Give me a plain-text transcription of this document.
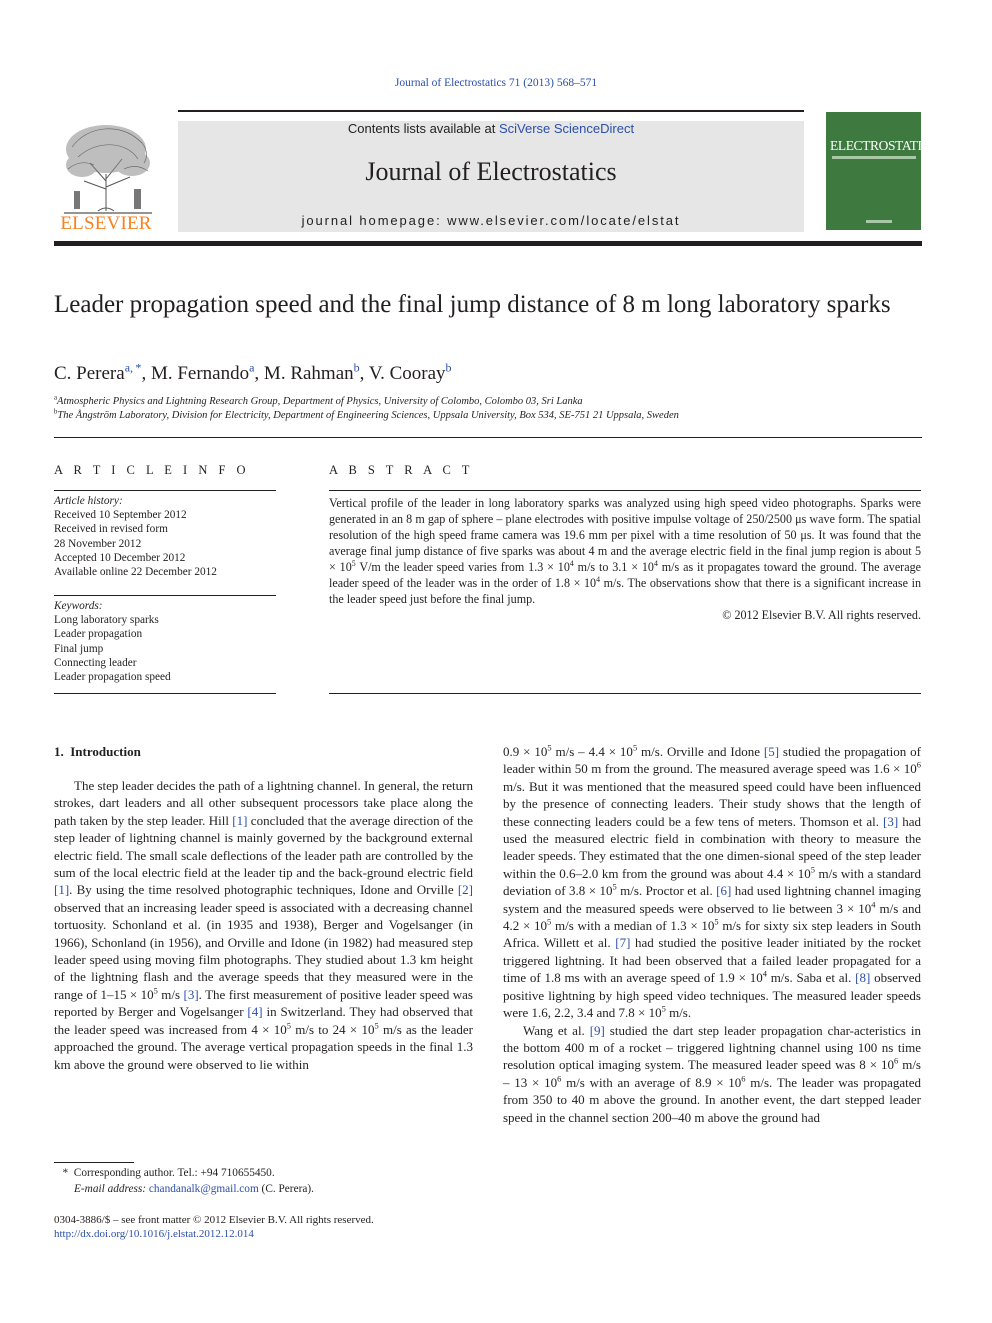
Journal of Electrostatics 71 (2013) 568–571
ELSEVIER
Contents lists available at SciVerse ScienceDirect
Journal of Electrostatics
journal homepage: www.elsevier.com/locate/elstat
ELECTROSTATICS
Leader propagation speed and the final jump distance of 8 m long laboratory sparks
C. Perera$^{a, *}$, M. Fernando$^a$, M. Rahman$^b$, V. Cooray$^b$
$^a$Atmospheric Physics and Lightning Research Group, Department of Physics, University of Colombo, Colombo 03, Sri Lanka
$^b$The Ångström Laboratory, Division for Electricity, Department of Engineering Sciences, Uppsala University, Box 534, SE-751 21 Uppsala, Sweden
A R T I C L E I N F O	A B S T R A C T
Article history:
Received 10 September 2012
Received in revised form
28 November 2012
Accepted 10 December 2012
Available online 22 December 2012
Keywords:
Long laboratory sparks
Leader propagation
Final jump
Connecting leader
Leader propagation speed
Vertical profile of the leader in long laboratory sparks was analyzed using high speed video photographs. Sparks were generated in an 8 m gap of sphere – plane electrodes with positive impulse voltage of 250/2500 μs wave form. The spatial resolution of the high speed frame camera was 19.6 mm per pixel with a time resolution of 50 μs. It was found that the average final jump distance of five sparks was about 4 m and the average electric field in the final jump region is about $5 \times 10^5$ V/m the leader speed varies from $1.3 \times 10^4$ m/s to $3.1 \times 10^4$ m/s as it propagates toward the ground. The average leader speed of the leader was in the order of $1.8 \times 10^4$ m/s. The observations show that there is a significant increase in the leader speed just before the final jump.
© 2012 Elsevier B.V. All rights reserved.
1. Introduction

The step leader decides the path of a lightning channel. In general, the return strokes, dart leaders and all other subsequent processors take place along the path taken by the step leader. Hill [1] concluded that the average direction of the step leader of lightning channel is mainly governed by the background external electric field. The small scale deflections of the leader path are controlled by the sum of the local electric field at the leader tip and the back-ground electric field [1]. By using the time resolved photographic techniques, Idone and Orville [2] observed that an increasing leader speed is associated with a decreasing channel tortuosity. Schonland et al. (in 1935 and 1938), Berger and Vogelsanger (in 1966), Schonland (in 1956), and Orville and Idone (in 1982) had measured step leader speed using moving film photographs. They studied about 1.3 km height of the lightning flash and the average speeds that they measured were in the range of $1-15 \times 10^5$ m/s [3]. The first measurement of positive leader speed was reported by Berger and Vogelsanger [4] in Switzerland. They had observed that the leader speed was increased from $4 \times 10^5$ m/s to $24 \times 10^5$ m/s as the leader approached the ground. The average vertical propagation speeds in the final 1.3 km above the ground were observed to lie within

$0.9 \times 10^5$ $m/s - 4.4 \times 10^5$ m/s. Orville and Idone [5] studied the propagation of leader within 50 m from the ground. The measured average speed was $1.6 \times 10^6$ m/s. But it was mentioned that the measured speed could have been influenced by the presence of connecting leaders. Their study shows that the length of these connecting leaders could be a few tens of meters. Thomson et al. [3] had used the measured electric field in combination with theory to measure the leader speeds. They estimated that the one dimen-sional speed of the step leader within the 0.6–2.0 km from the ground was about $4.4 \times 10^5$ m/s with a standard deviation of $3.8 \times 10^5$ m/s. Proctor et al. [6] had used lightning channel imaging system and the measured speeds were observed to lie between $3 \times 10^4$ m/s and $4.2 \times 10^5$ m/s with a median of $1.3 \times 10^5$ m/s for sixty six step leaders in South Africa. Willett et al. [7] had studied the positive leader initiated by the rocket triggered lightning. It had been observed that a failed leader propagated for a time of 1.8 ms with an average speed of $1.9 \times 10^4$ m/s. Saba et al. [8] observed positive lightning by high speed video techniques. The measured leader speeds were 1.6, 2.2, 3.4 and $7.8 \times 10^5$ m/s.

Wang et al. [9] studied the dart step leader propagation char-acteristics in the bottom 400 m of a rocket – triggered lightning channel using 100 ns time resolution optical imaging system. The measured leader speed was $8 \times 10^6$ $m/s - 13 \times 10^6$ m/s with an average of $8.9 \times 10^6$ m/s. The leader was propagated from 350 to 40 m above the ground. In another event, the dart stepped leader speed in the channel section 200–40 m above the ground had

* Corresponding author. Tel.: +94 710655450.
E-mail address: chandanalk@gmail.com (C. Perera).
0304-3886/$ – see front matter © 2012 Elsevier B.V. All rights reserved.
http://dx.doi.org/10.1016/j.elstat.2012.12.014
